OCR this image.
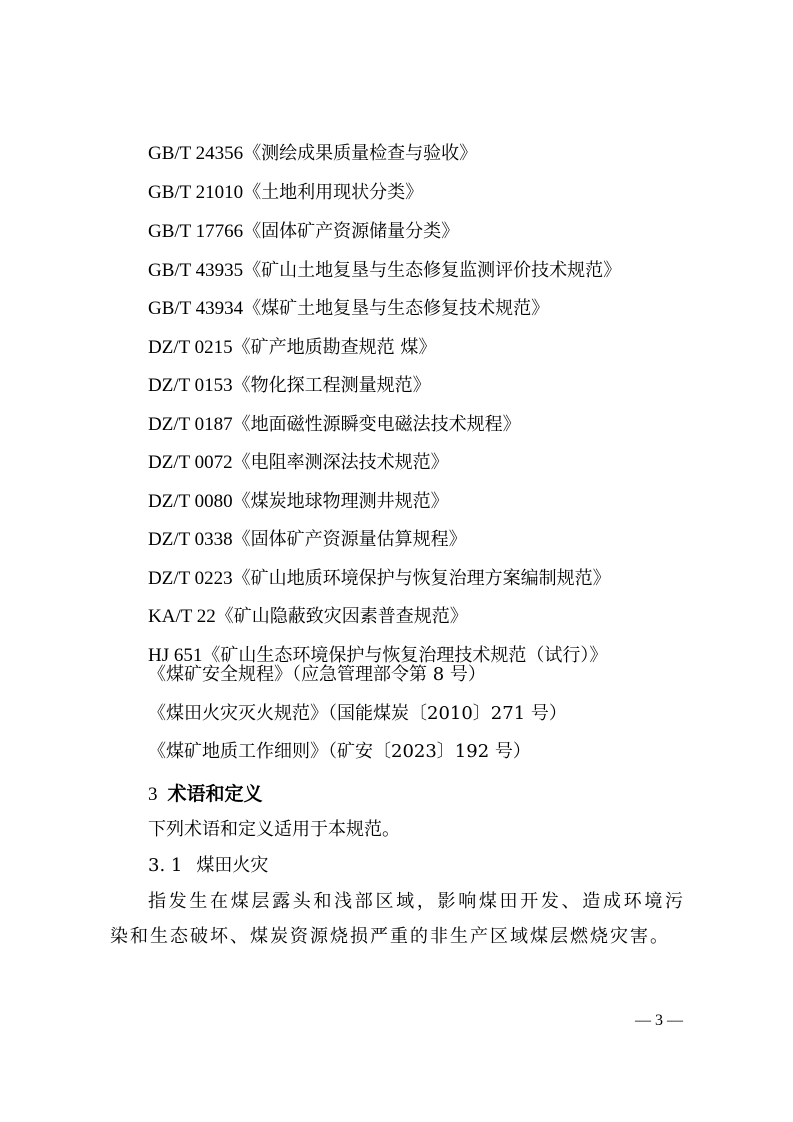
GB/T 24356《测绘成果质量检查与验收》
GB/T 21010《土地利用现状分类》
GB/T 17766《固体矿产资源储量分类》
GB/T 43935《矿山土地复垦与生态修复监测评价技术规范》
GB/T 43934《煤矿土地复垦与生态修复技术规范》
DZ/T 0215《矿产地质勘查规范 煤》
DZ/T 0153《物化探工程测量规范》
DZ/T 0187《地面磁性源瞬变电磁法技术规程》
DZ/T 0072《电阻率测深法技术规范》
DZ/T 0080《煤炭地球物理测井规范》
DZ/T 0338《固体矿产资源量估算规程》
DZ/T 0223《矿山地质环境保护与恢复治理方案编制规范》
KA/T 22《矿山隐蔽致灾因素普查规范》
HJ 651《矿山生态环境保护与恢复治理技术规范（试行）》
《煤矿安全规程》（应急管理部令第 8 号）
《煤田火灾灭火规范》（国能煤炭〔2010〕271 号）
《煤矿地质工作细则》（矿安〔2023〕192 号）
3 术语和定义
下列术语和定义适用于本规范。
3. 1 煤田火灾
指发生在煤层露头和浅部区域，影响煤田开发、造成环境污染和生态破坏、煤炭资源烧损严重的非生产区域煤层燃烧灾害。
— 3 —
